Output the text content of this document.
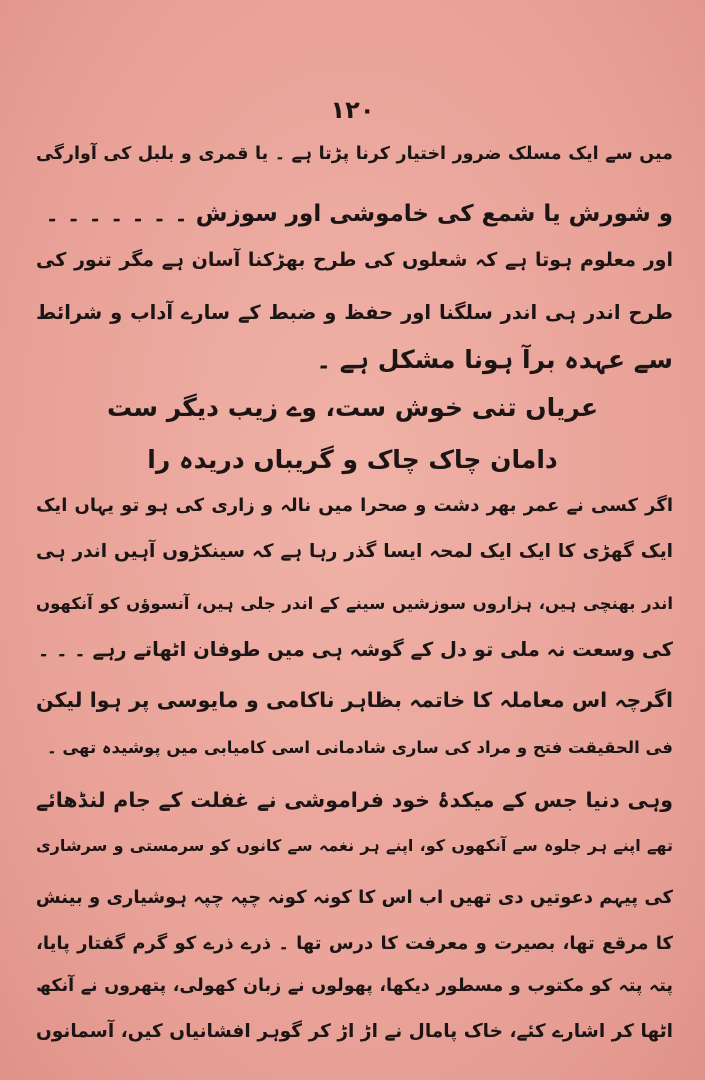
۱۲۰
میں سے ایک مسلک ضرور اختیار کرنا پڑتا ہے ۔ یا قمری و بلبل کی آوارگی
و شورش یا شمع کی خاموشی اور سوزش ۔ ۔ ۔ ۔ ۔ ۔ ۔
اور معلوم ہوتا ہے کہ شعلوں کی طرح بھڑکنا آسان ہے مگر تنور کی
طرح اندر ہی اندر سلگنا اور حفظ و ضبط کے سارے آداب و شرائط
سے عہدہ برآ ہونا مشکل ہے ۔
عریاں تنی خوش ست، وے زیب دیگر ست
دامان چاک چاک و گریباں دریدہ را
اگر کسی نے عمر بھر دشت و صحرا میں نالہ و زاری کی ہو تو یہاں ایک
ایک گھڑی کا ایک ایک لمحہ ایسا گذر رہا ہے کہ سینکڑوں آہیں اندر ہی
اندر بھنچی ہیں، ہزاروں سوزشیں سینے کے اندر جلی ہیں، آنسوؤں کو آنکھوں
کی وسعت نہ ملی تو دل کے گوشہ ہی میں طوفان اٹھاتے رہے ۔ ۔ ۔
اگرچہ اس معاملہ کا خاتمہ بظاہر ناکامی و مایوسی پر ہوا لیکن
فی الحقیقت فتح و مراد کی ساری شادمانی اسی کامیابی میں پوشیدہ تھی ۔
وہی دنیا جس کے میکدۂ خود فراموشی نے غفلت کے جام لنڈھائے
تھے اپنے ہر جلوہ سے آنکھوں کو، اپنے ہر نغمہ سے کانوں کو سرمستی و سرشاری
کی پیہم دعوتیں دی تھیں اب اس کا کونہ کونہ چپہ چپہ ہوشیاری و بینش
کا مرقع تھا، بصیرت و معرفت کا درس تھا ۔ ذرے ذرے کو گرم گفتار پایا،
پتہ پتہ کو مکتوب و مسطور دیکھا، پھولوں نے زبان کھولی، پتھروں نے آنکھ
اٹھا کر اشارے کئے، خاک پامال نے اڑ اڑ کر گوہر افشانیاں کیں، آسمانوں
